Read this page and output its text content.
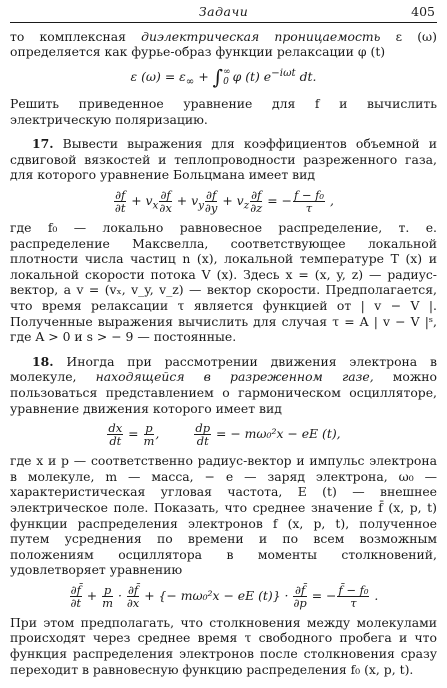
Задачи	405

то комплексная диэлектрическая проницаемость ε (ω) определяется как фурье-образ функции релаксации φ (t)

ε $(\omega) = \varepsilon_\infty$ + ∫∞
0 φ (t) $e^{-i\omega t}$ dt.

Решить приведенное уравнение для f и вычислить электрическую поляризацию.

17. Вывести выражения для коэффициентов объемной и сдвиговой вязкостей и теплопроводности разреженного газа, для которого уравнение Больцмана имеет вид

$\frac{\partial f}{\partial t} + v_x \frac{\partial f}{\partial x} + v_y \frac{\partial f}{\partial y} + v_z \frac{\partial f}{\partial z}$ = − $\frac{\text{f − f₀}}{\tau}$ ,

где f₀ — локально равновесное распределение, т. е. распределение Максвелла, соответствующее локальной плотности числа частиц n (x), локальной температуре T (x) и локальной скорости потока V (x). Здесь x = (x, y, z) — радиус-вектор, а v = (vₓ, v_y, v_z) — вектор скорости. Предполагается, что время релаксации τ является функцией от | v − V |. Полученные выражения вычислить для случая τ = A | v − V |ˢ, где A > 0 и s > − 9 — постоянные.

18. Иногда при рассмотрении движения электрона в молекуле, находящейся в разреженном газе, можно пользоваться представлением о гармоническом осцилляторе, уравнение движения которого имеет вид

$\frac{dx}{dt} = \frac{p}{m}$ ,	$\frac{dp}{dt}$ = − mω₀²x − eE (t),

где x и p — соответственно радиус-вектор и импульс электрона в молекуле, m — масса, − e — заряд электрона, ω₀ — характеристическая угловая частота, E (t) — внешнее электрическое поле. Показать, что среднее значение f̄ (x, p, t) функции распределения электронов f (x, p, t), полученное путем усреднения по времени и по всем возможным положениям осциллятора в моменты столкновений, удовлетворяет уравнению

$\frac{\partial f̄}{\partial t} + \frac{p}{m} \cdot \frac{\partial f̄}{\partial x}$ + {− mω₀²x − eE $(t)\} \cdot \frac{\partial f̄}{\partial p}$ = − $\frac{\text{f̄ − f₀}}{\tau}$ .

При этом предполагать, что столкновения между молекулами происходят через среднее время τ свободного пробега и что функция распределения электронов после столкновения сразу переходит в равновесную функцию распределения f₀ (x, p, t).
